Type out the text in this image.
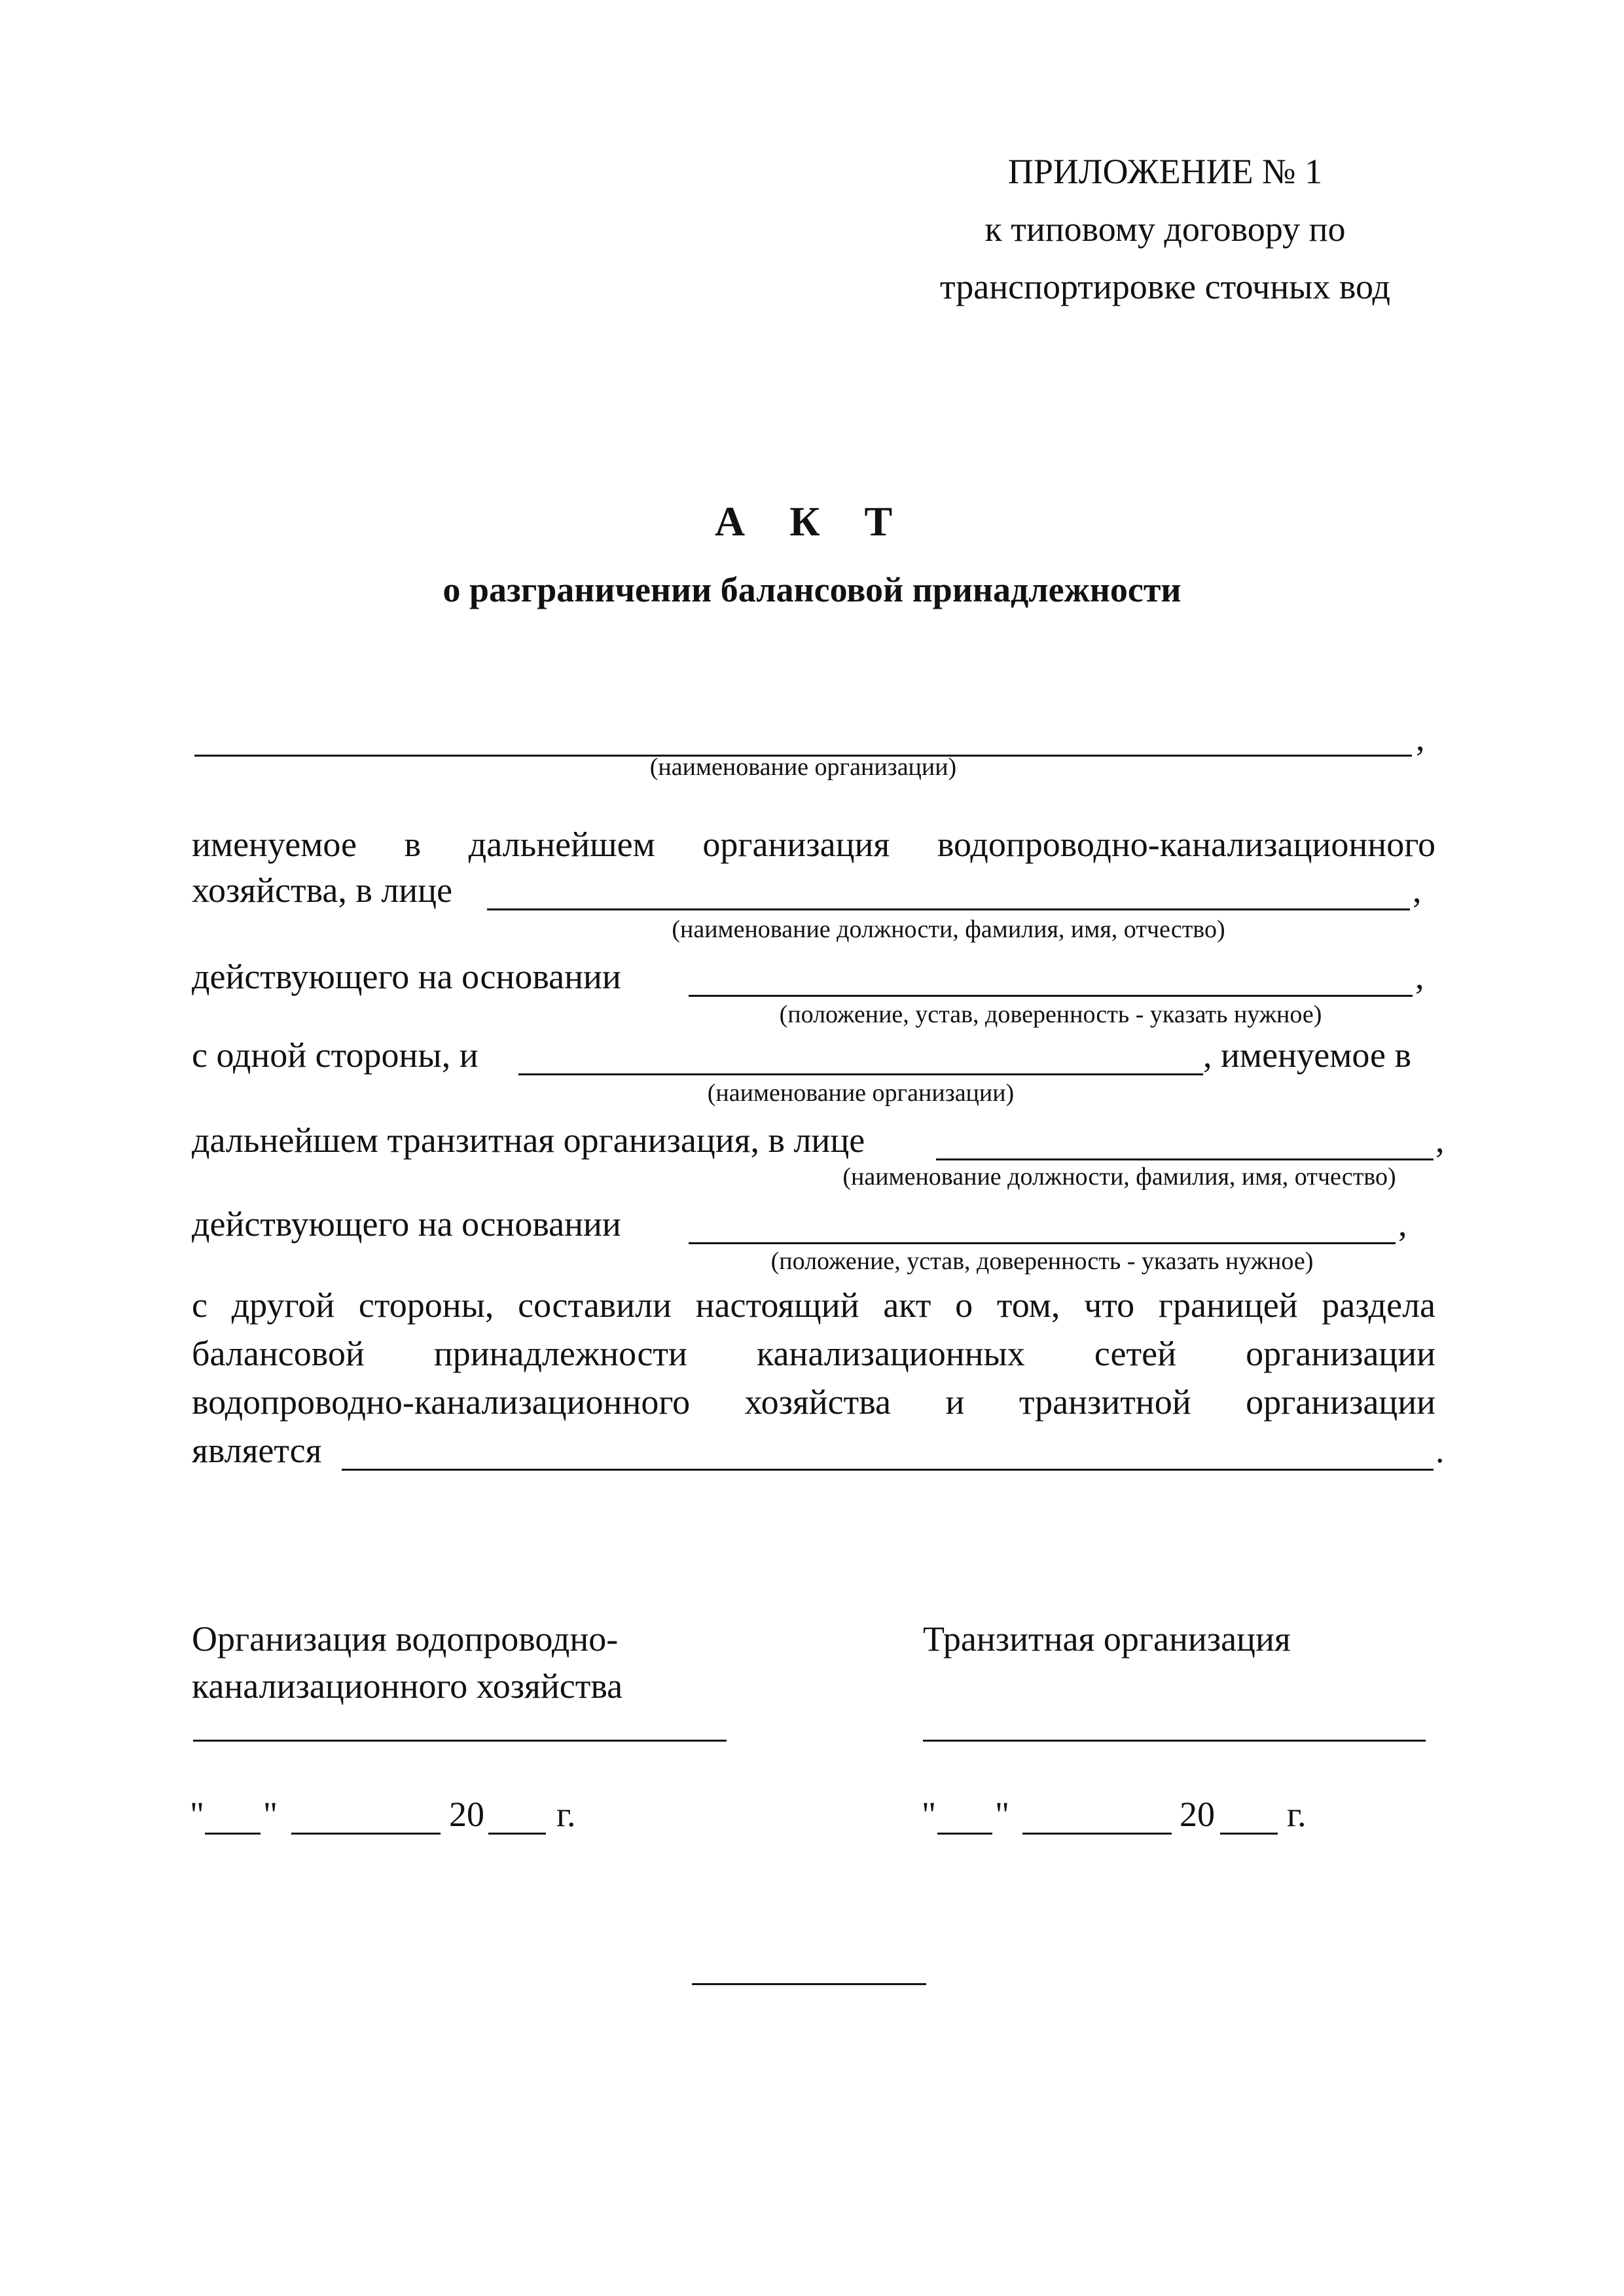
ПРИЛОЖЕНИЕ № 1
к типовому договору по
транспортировке сточных вод
А К Т
о разграничении балансовой принадлежности
,
(наименование организации)
именуемое в дальнейшем организация водопроводно-канализационного
хозяйства, в лице	,
(наименование должности, фамилия, имя, отчество)
действующего на основании	,
(положение, устав, доверенность - указать нужное)
с одной стороны, и	, именуемое в
(наименование организации)
дальнейшем транзитная организация, в лице	,
(наименование должности, фамилия, имя, отчество)
действующего на основании	,
(положение, устав, доверенность - указать нужное)
с другой стороны, составили настоящий акт о том, что границей раздела
балансовой принадлежности канализационных сетей организации
водопроводно-канализационного хозяйства и транзитной организации
является	.
Организация водопроводно-
канализационного хозяйства
" "	20 г.
Транзитная организация
" "	20 г.
